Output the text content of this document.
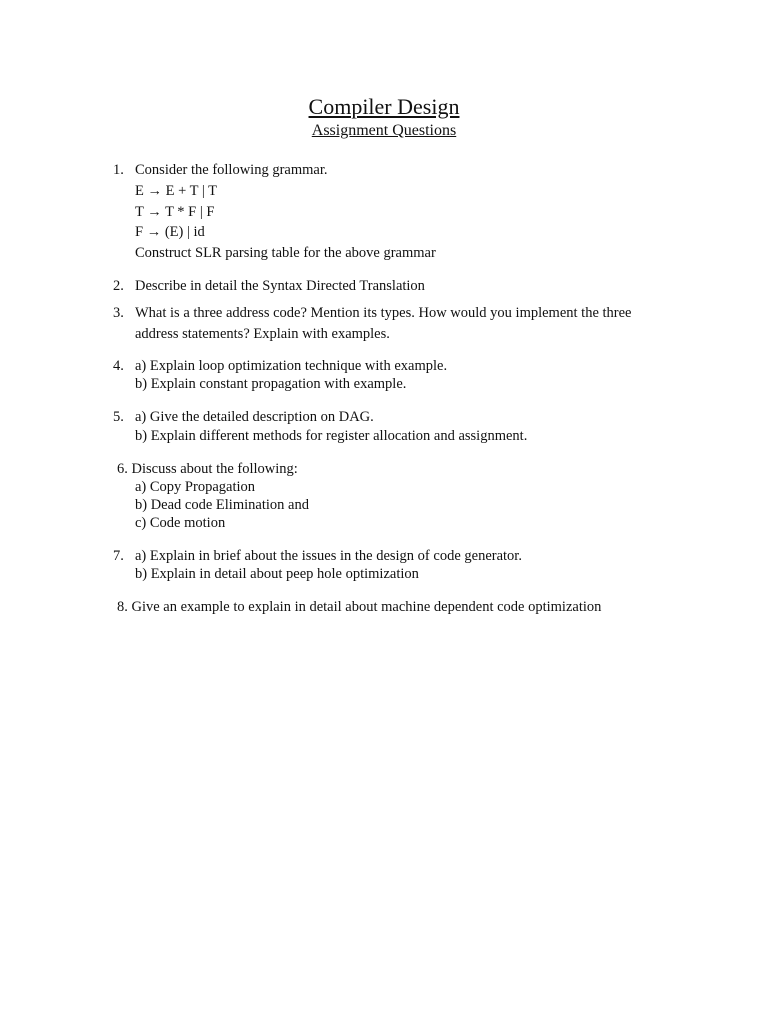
Compiler Design
Assignment Questions
1. Consider the following grammar.
E → E + T | T
T → T * F | F
F → (E) | id
Construct SLR parsing table for the above grammar
2. Describe in detail the Syntax Directed Translation
3. What is a three address code? Mention its types. How would you implement the three
address statements? Explain with examples.
4. a) Explain loop optimization technique with example.
b) Explain constant propagation with example.
5. a) Give the detailed description on DAG.
b) Explain different methods for register allocation and assignment.
6. Discuss about the following:
a) Copy Propagation
b) Dead code Elimination and
c) Code motion
7. a) Explain in brief about the issues in the design of code generator.
b) Explain in detail about peep hole optimization
8. Give an example to explain in detail about machine dependent code optimization
